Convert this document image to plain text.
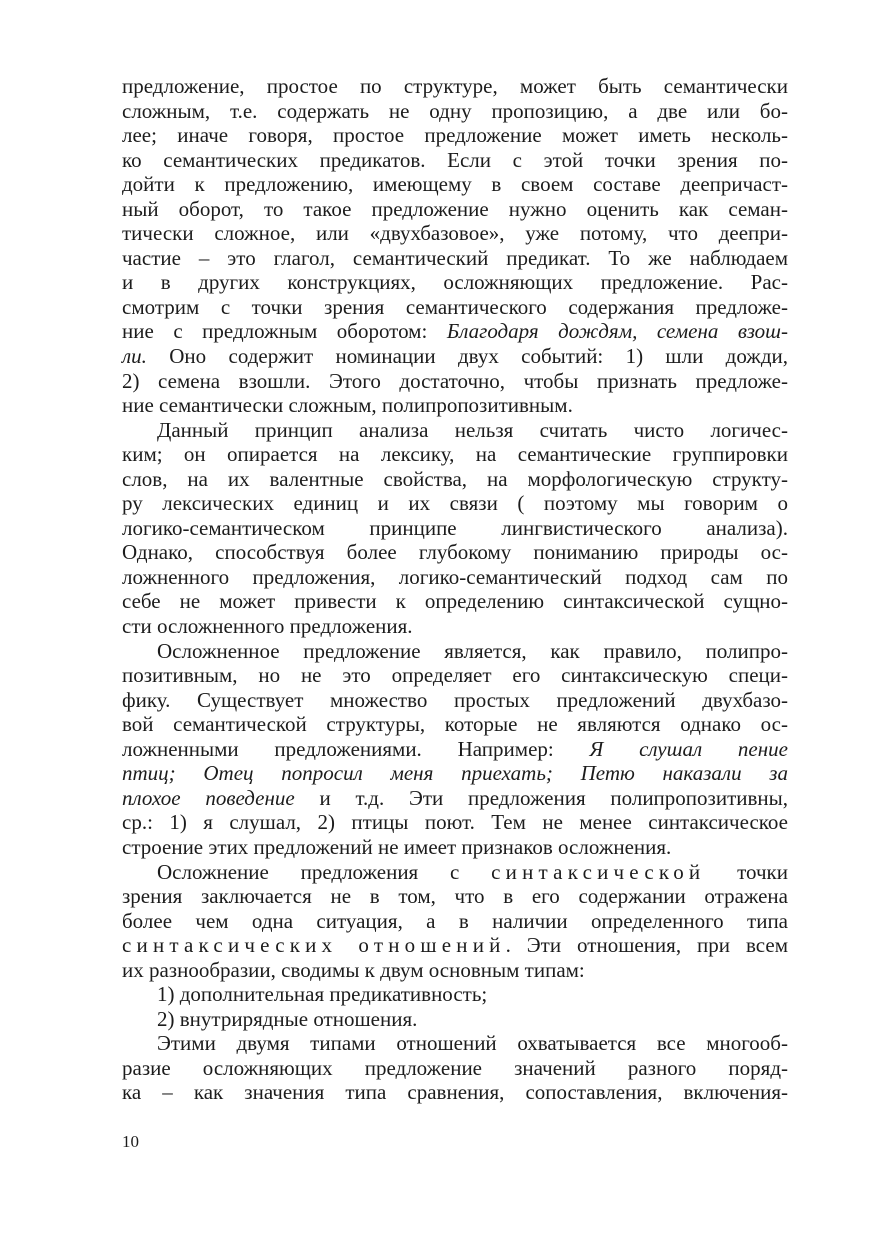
предложение, простое по структуре, может быть семантически
сложным, т.е. содержать не одну пропозицию, а две или бо-
лее; иначе говоря, простое предложение может иметь несколь-
ко семантических предикатов. Если с этой точки зрения по-
дойти к предложению, имеющему в своем составе деепричаст-
ный оборот, то такое предложение нужно оценить как семан-
тически сложное, или «двухбазовое», уже потому, что деепри-
частие – это глагол, семантический предикат. То же наблюдаем
и в других конструкциях, осложняющих предложение. Рас-
смотрим с точки зрения семантического содержания предложе-
ние с предложным оборотом: Благодаря дождям, семена взош-
ли. Оно содержит номинации двух событий: 1) шли дожди,
2) семена взошли. Этого достаточно, чтобы признать предложе-
ние семантически сложным, полипропозитивным.
Данный принцип анализа нельзя считать чисто логичес-
ким; он опирается на лексику, на семантические группировки
слов, на их валентные свойства, на морфологическую структу-
ру лексических единиц и их связи ( поэтому мы говорим о
логико-семантическом принципе лингвистического анализа).
Однако, способствуя более глубокому пониманию природы ос-
ложненного предложения, логико-семантический подход сам по
себе не может привести к определению синтаксической сущно-
сти осложненного предложения.
Осложненное предложение является, как правило, полипро-
позитивным, но не это определяет его синтаксическую специ-
фику. Существует множество простых предложений двухбазо-
вой семантической структуры, которые не являются однако ос-
ложненными предложениями. Например: Я слушал пение
птиц; Отец попросил меня приехать; Петю наказали за
плохое поведение и т.д. Эти предложения полипропозитивны,
ср.: 1) я слушал, 2) птицы поют. Тем не менее синтаксическое
строение этих предложений не имеет признаков осложнения.
Осложнение предложения с синтаксической точки
зрения заключается не в том, что в его содержании отражена
более чем одна ситуация, а в наличии определенного типа
синтаксических отношений. Эти отношения, при всем
их разнообразии, сводимы к двум основным типам:
1) дополнительная предикативность;
2) внутрирядные отношения.
Этими двумя типами отношений охватывается все многооб-
разие осложняющих предложение значений разного поряд-
ка – как значения типа сравнения, сопоставления, включения-
10
